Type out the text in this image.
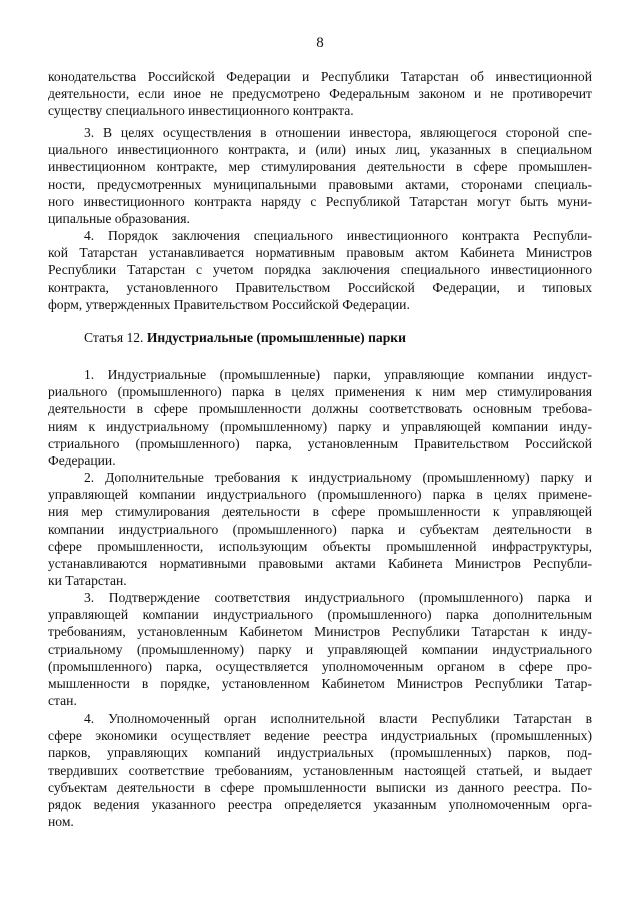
8
конодательства Российской Федерации и Республики Татарстан об инвестиционной
деятельности, если иное не предусмотрено Федеральным законом и не противоречит
существу специального инвестиционного контракта.
3. В целях осуществления в отношении инвестора, являющегося стороной спе-
циального инвестиционного контракта, и (или) иных лиц, указанных в специальном
инвестиционном контракте, мер стимулирования деятельности в сфере промышлен-
ности, предусмотренных муниципальными правовыми актами, сторонами специаль-
ного инвестиционного контракта наряду с Республикой Татарстан могут быть муни-
ципальные образования.
4. Порядок заключения специального инвестиционного контракта Республи-
кой Татарстан устанавливается нормативным правовым актом Кабинета Министров
Республики Татарстан с учетом порядка заключения специального инвестиционного
контракта, установленного Правительством Российской Федерации, и типовых
форм, утвержденных Правительством Российской Федерации.
Статья 12. Индустриальные (промышленные) парки
1. Индустриальные (промышленные) парки, управляющие компании индуст-
риального (промышленного) парка в целях применения к ним мер стимулирования
деятельности в сфере промышленности должны соответствовать основным требова-
ниям к индустриальному (промышленному) парку и управляющей компании инду-
стриального (промышленного) парка, установленным Правительством Российской
Федерации.
2. Дополнительные требования к индустриальному (промышленному) парку и
управляющей компании индустриального (промышленного) парка в целях примене-
ния мер стимулирования деятельности в сфере промышленности к управляющей
компании индустриального (промышленного) парка и субъектам деятельности в
сфере промышленности, использующим объекты промышленной инфраструктуры,
устанавливаются нормативными правовыми актами Кабинета Министров Республи-
ки Татарстан.
3. Подтверждение соответствия индустриального (промышленного) парка и
управляющей компании индустриального (промышленного) парка дополнительным
требованиям, установленным Кабинетом Министров Республики Татарстан к инду-
стриальному (промышленному) парку и управляющей компании индустриального
(промышленного) парка, осуществляется уполномоченным органом в сфере про-
мышленности в порядке, установленном Кабинетом Министров Республики Татар-
стан.
4. Уполномоченный орган исполнительной власти Республики Татарстан в
сфере экономики осуществляет ведение реестра индустриальных (промышленных)
парков, управляющих компаний индустриальных (промышленных) парков, под-
твердивших соответствие требованиям, установленным настоящей статьей, и выдает
субъектам деятельности в сфере промышленности выписки из данного реестра. По-
рядок ведения указанного реестра определяется указанным уполномоченным орга-
ном.
